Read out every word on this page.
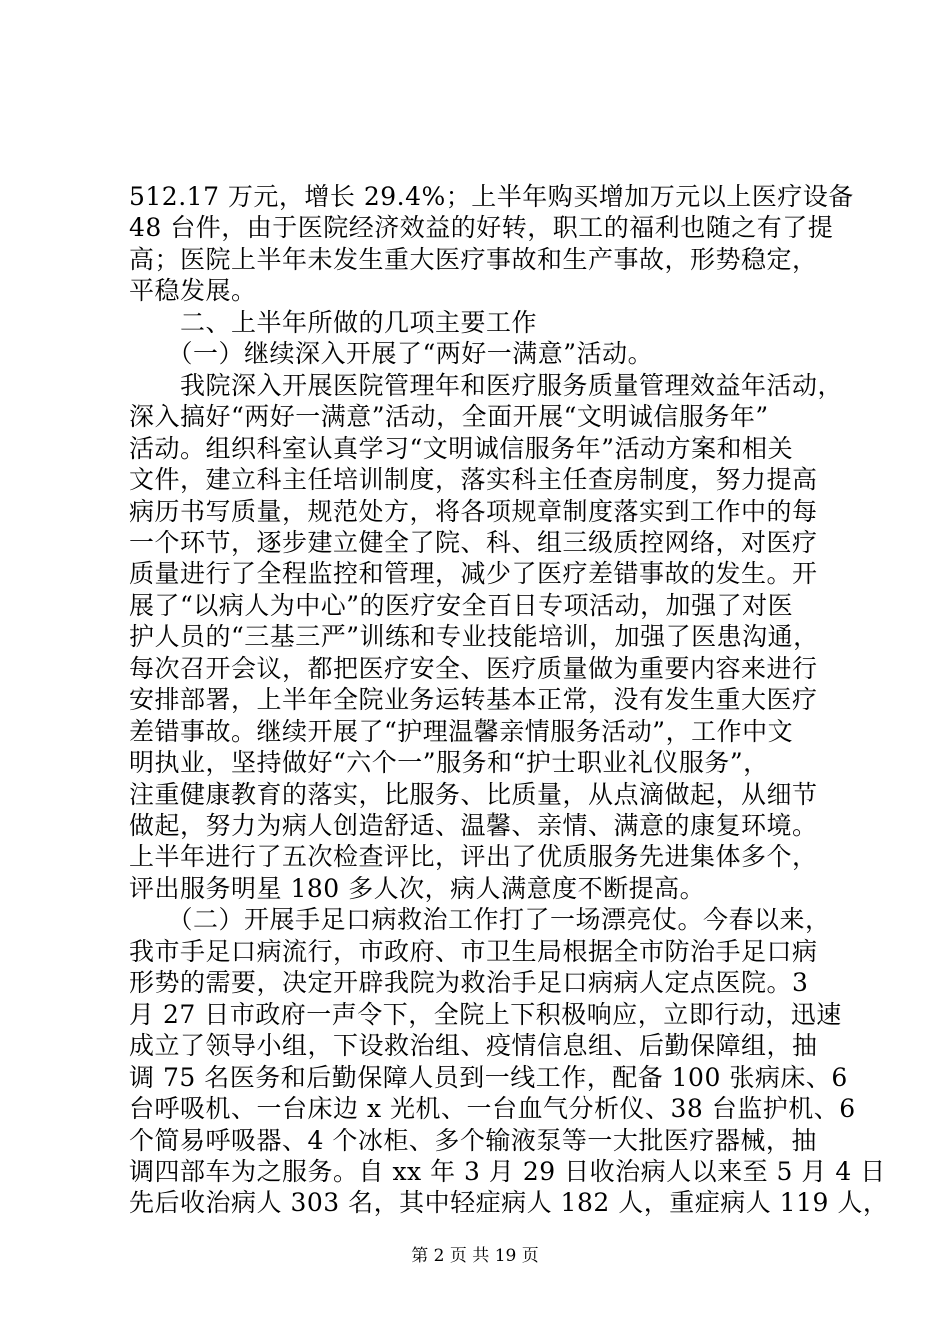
512.17 万元，增长 29.4%；上半年购买增加万元以上医疗设备
48 台件，由于医院经济效益的好转，职工的福利也随之有了提
高；医院上半年未发生重大医疗事故和生产事故，形势稳定，
平稳发展。
　　二、上半年所做的几项主要工作
　　（一）继续深入开展了“两好一满意”活动。
　　我院深入开展医院管理年和医疗服务质量管理效益年活动，
深入搞好“两好一满意”活动，全面开展“文明诚信服务年”
活动。组织科室认真学习“文明诚信服务年”活动方案和相关
文件，建立科主任培训制度，落实科主任查房制度，努力提高
病历书写质量，规范处方，将各项规章制度落实到工作中的每
一个环节，逐步建立健全了院、科、组三级质控网络，对医疗
质量进行了全程监控和管理，减少了医疗差错事故的发生。开
展了“以病人为中心”的医疗安全百日专项活动，加强了对医
护人员的“三基三严”训练和专业技能培训，加强了医患沟通，
每次召开会议，都把医疗安全、医疗质量做为重要内容来进行
安排部署，上半年全院业务运转基本正常，没有发生重大医疗
差错事故。继续开展了“护理温馨亲情服务活动”，工作中文
明执业，坚持做好“六个一”服务和“护士职业礼仪服务”，
注重健康教育的落实，比服务、比质量，从点滴做起，从细节
做起，努力为病人创造舒适、温馨、亲情、满意的康复环境。
上半年进行了五次检查评比，评出了优质服务先进集体多个，
评出服务明星 180 多人次，病人满意度不断提高。
　　（二）开展手足口病救治工作打了一场漂亮仗。今春以来，
我市手足口病流行，市政府、市卫生局根据全市防治手足口病
形势的需要，决定开辟我院为救治手足口病病人定点医院。3
月 27 日市政府一声令下，全院上下积极响应，立即行动，迅速
成立了领导小组，下设救治组、疫情信息组、后勤保障组，抽
调 75 名医务和后勤保障人员到一线工作，配备 100 张病床、6
台呼吸机、一台床边 x 光机、一台血气分析仪、38 台监护机、6
个简易呼吸器、4 个冰柜、多个输液泵等一大批医疗器械，抽
调四部车为之服务。自 xx 年 3 月 29 日收治病人以来至 5 月 4 日
先后收治病人 303 名，其中轻症病人 182 人，重症病人 119 人，
第 2 页 共 19 页
